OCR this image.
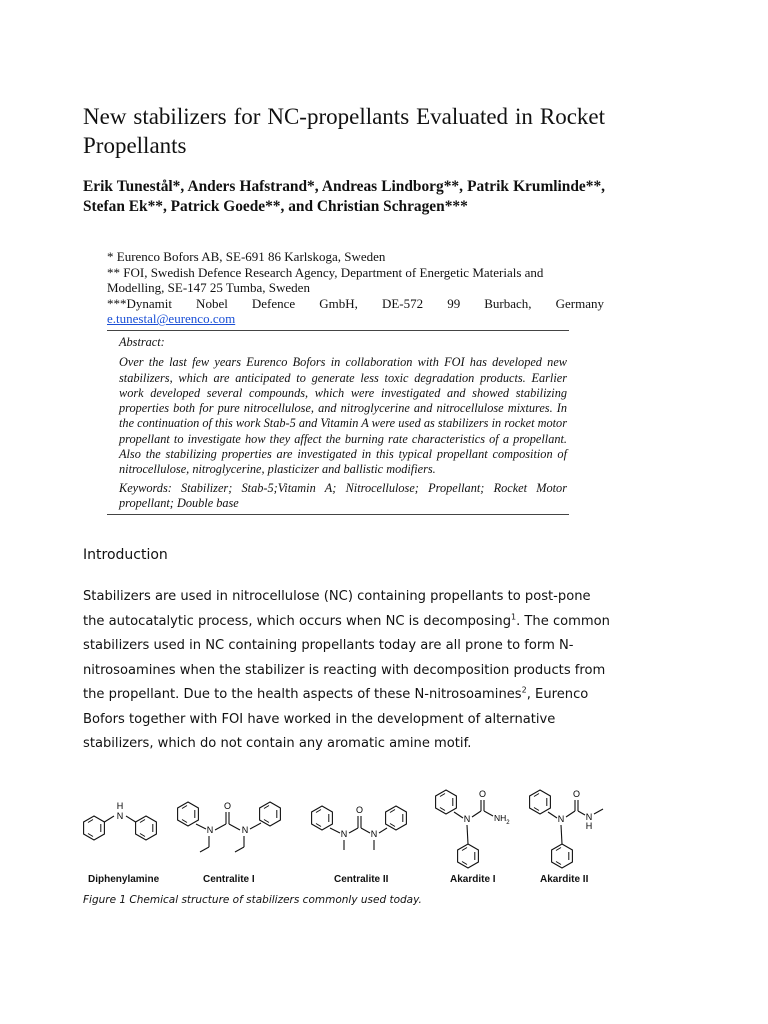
New stabilizers for NC-propellants Evaluated in Rocket Propellants
Erik Tunestål*, Anders Hafstrand*, Andreas Lindborg**, Patrik Krumlinde**, Stefan Ek**, Patrick Goede**, and Christian Schragen***
* Eurenco Bofors AB, SE-691 86 Karlskoga, Sweden
** FOI, Swedish Defence Research Agency, Department of Energetic Materials and Modelling, SE-147 25 Tumba, Sweden
***Dynamit Nobel Defence GmbH, DE-572 99 Burbach, Germany
e.tunestal@eurenco.com

Abstract:

Over the last few years Eurenco Bofors in collaboration with FOI has developed new stabilizers, which are anticipated to generate less toxic degradation products. Earlier work developed several compounds, which were investigated and showed stabilizing properties both for pure nitrocellulose, and nitroglycerine and nitrocellulose mixtures. In the continuation of this work Stab-5 and Vitamin A were used as stabilizers in rocket motor propellant to investigate how they affect the burning rate characteristics of a propellant. Also the stabilizing properties are investigated in this typical propellant composition of nitrocellulose, nitroglycerine, plasticizer and ballistic modifiers.

Keywords: Stabilizer; Stab-5;Vitamin A; Nitrocellulose; Propellant; Rocket Motor propellant; Double base

Introduction

Stabilizers are used in nitrocellulose (NC) containing propellants to post-pone the autocatalytic process, which occurs when NC is decomposing$^1$. The common stabilizers used in NC containing propellants today are all prone to form N-nitrosoamines when the stabilizer is reacting with decomposition products from the propellant. Due to the health aspects of these N-nitrosoamines$^2$, Eurenco Bofors together with FOI have worked in the development of alternative stabilizers, which do not contain any aromatic amine motif.

N
H
N
O
N	N
O
N
N
O
$NH_2$	N
O
N
H
Diphenylamine	Centralite I	Centralite II	Akardite I	Akardite II

Figure 1 Chemical structure of stabilizers commonly used today.
